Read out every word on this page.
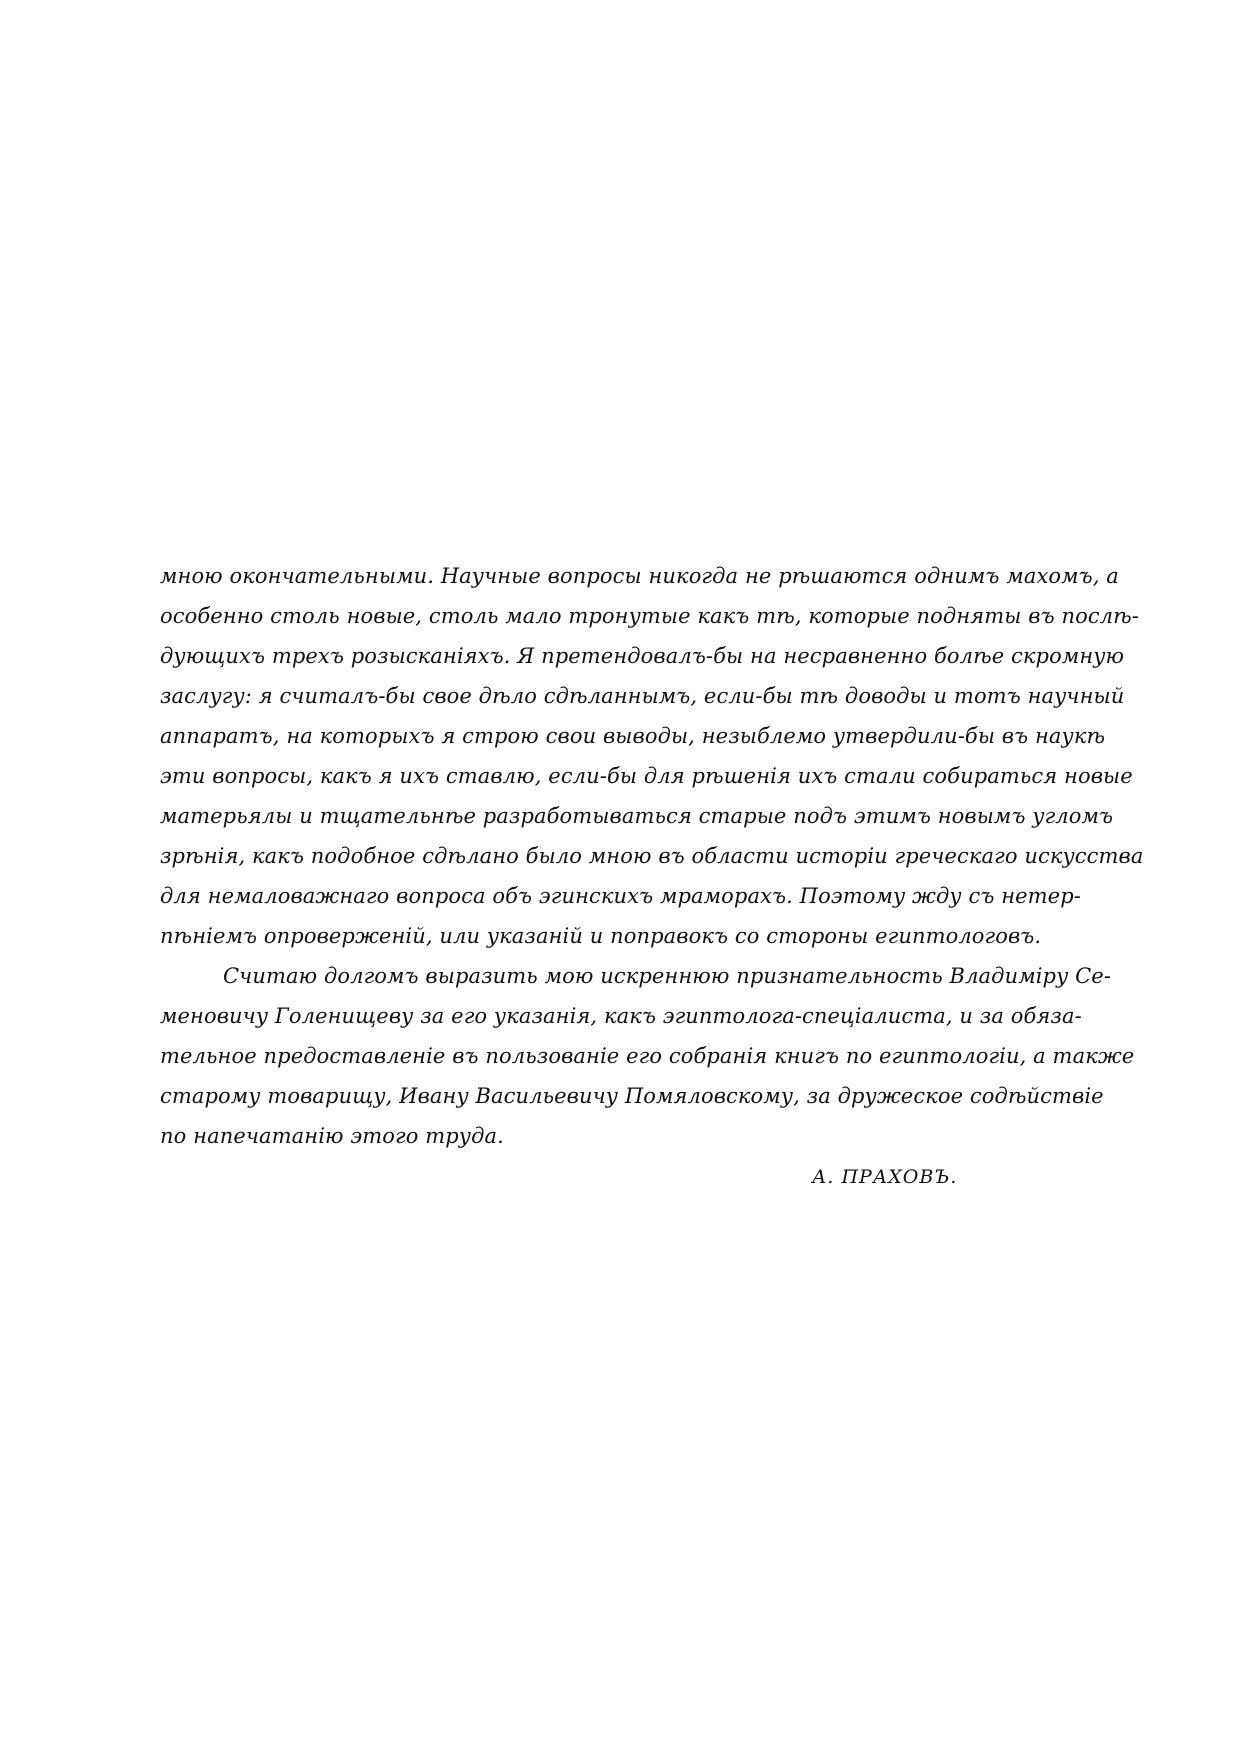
мною окончательными. Научные вопросы никогда не рѣшаются однимъ махомъ, а
особенно столь новые, столь мало тронутые какъ тѣ, которые подняты въ послѣ-
дующихъ трехъ розысканіяхъ. Я претендовалъ-бы на несравненно болѣе скромную
заслугу: я считалъ-бы свое дѣло сдѣланнымъ, если-бы тѣ доводы и тотъ научный
аппаратъ, на которыхъ я строю свои выводы, незыблемо утвердили-бы въ наукѣ
эти вопросы, какъ я ихъ ставлю, если-бы для рѣшенія ихъ стали собираться новые
матерьялы и тщательнѣе разработываться старые подъ этимъ новымъ угломъ
зрѣнія, какъ подобное сдѣлано было мною въ области исторіи греческаго искусства
для немаловажнаго вопроса объ эгинскихъ мраморахъ. Поэтому жду съ нетер-
пѣніемъ опроверженій, или указаній и поправокъ со стороны египтологовъ.
Считаю долгомъ выразить мою искреннюю признательность Владиміру Се-
меновичу Голенищеву за его указанія, какъ эгиптолога-спеціалиста, и за обяза-
тельное предоставленіе въ пользованіе его собранія книгъ по египтологіи, а также
старому товарищу, Ивану Васильевичу Помяловскому, за дружеское содѣйствіе
по напечатанію этого труда.
А. ПРАХОВЪ.
